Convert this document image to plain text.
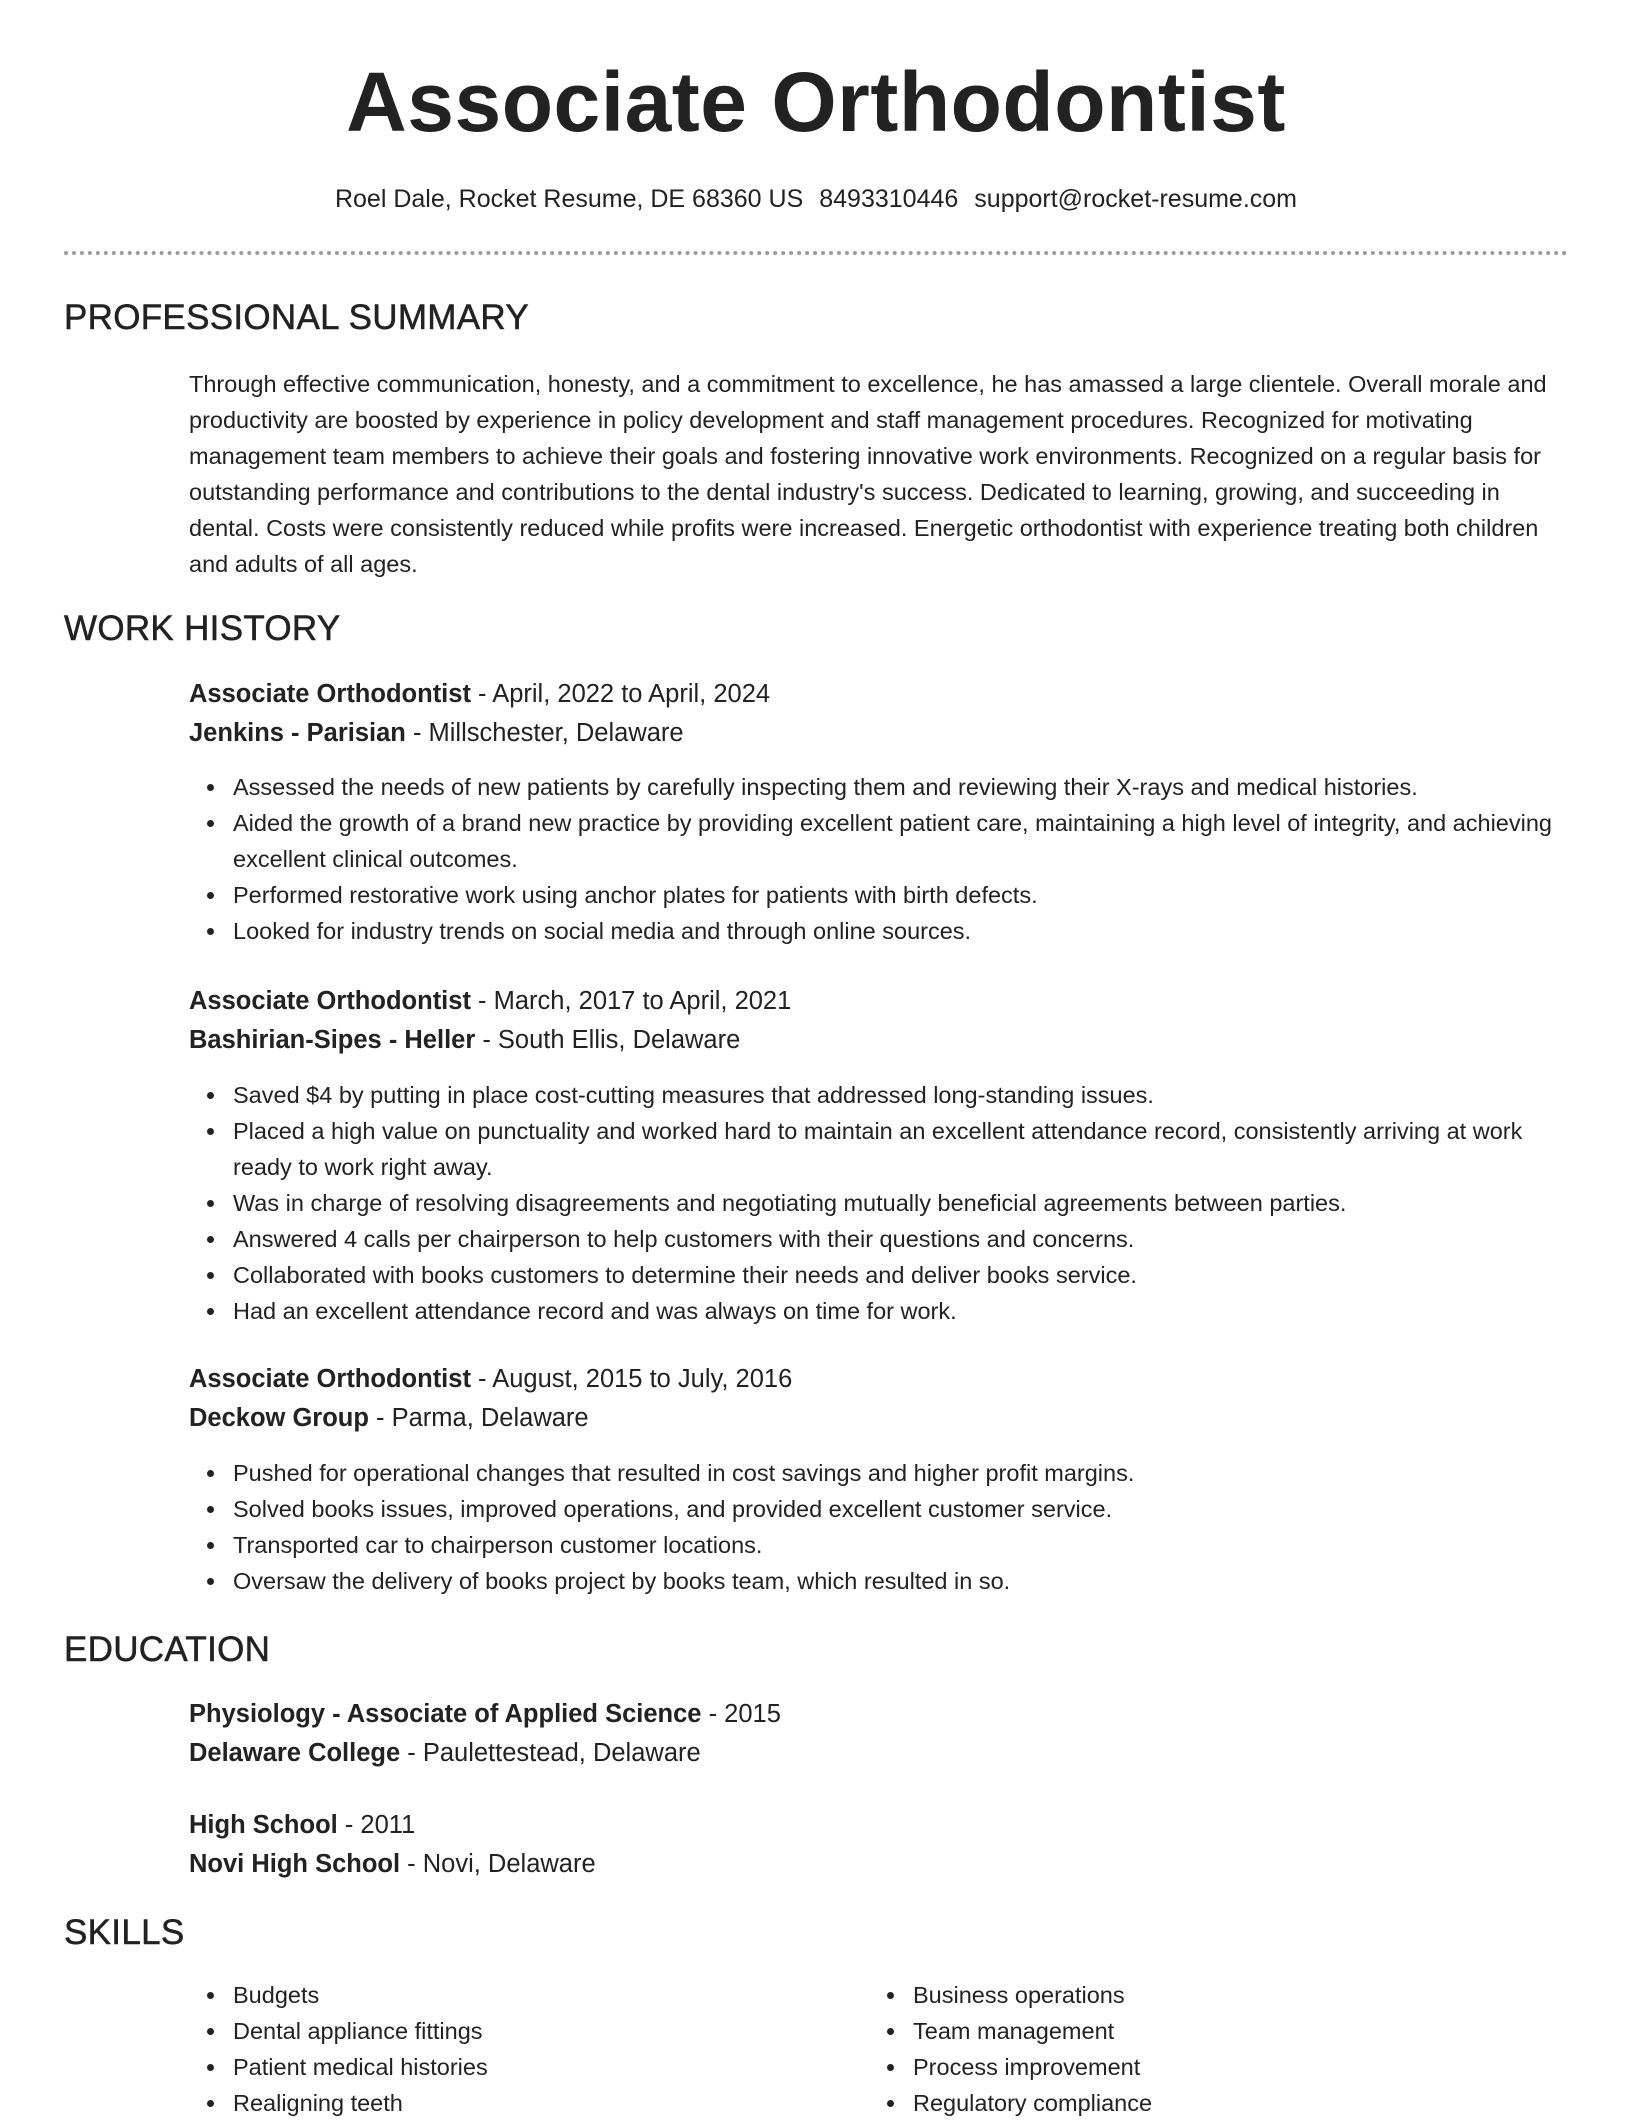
Associate Orthodontist
Roel Dale, Rocket Resume, DE 68360 US 8493310446 support@rocket-resume.com
PROFESSIONAL SUMMARY
Through effective communication, honesty, and a commitment to excellence, he has amassed a large clientele. Overall morale and productivity are boosted by experience in policy development and staff management procedures. Recognized for motivating management team members to achieve their goals and fostering innovative work environments. Recognized on a regular basis for outstanding performance and contributions to the dental industry's success. Dedicated to learning, growing, and succeeding in dental. Costs were consistently reduced while profits were increased. Energetic orthodontist with experience treating both children and adults of all ages.
WORK HISTORY
Associate Orthodontist - April, 2022 to April, 2024
Jenkins - Parisian - Millschester, Delaware
Assessed the needs of new patients by carefully inspecting them and reviewing their X-rays and medical histories.
Aided the growth of a brand new practice by providing excellent patient care, maintaining a high level of integrity, and achieving excellent clinical outcomes.
Performed restorative work using anchor plates for patients with birth defects.
Looked for industry trends on social media and through online sources.
Associate Orthodontist - March, 2017 to April, 2021
Bashirian-Sipes - Heller - South Ellis, Delaware
Saved $4 by putting in place cost-cutting measures that addressed long-standing issues.
Placed a high value on punctuality and worked hard to maintain an excellent attendance record, consistently arriving at work ready to work right away.
Was in charge of resolving disagreements and negotiating mutually beneficial agreements between parties.
Answered 4 calls per chairperson to help customers with their questions and concerns.
Collaborated with books customers to determine their needs and deliver books service.
Had an excellent attendance record and was always on time for work.
Associate Orthodontist - August, 2015 to July, 2016
Deckow Group - Parma, Delaware
Pushed for operational changes that resulted in cost savings and higher profit margins.
Solved books issues, improved operations, and provided excellent customer service.
Transported car to chairperson customer locations.
Oversaw the delivery of books project by books team, which resulted in so.
EDUCATION
Physiology - Associate of Applied Science - 2015
Delaware College - Paulettestead, Delaware
High School - 2011
Novi High School - Novi, Delaware
SKILLS
Budgets
Dental appliance fittings
Patient medical histories
Realigning teeth
Business operations
Team management
Process improvement
Regulatory compliance
